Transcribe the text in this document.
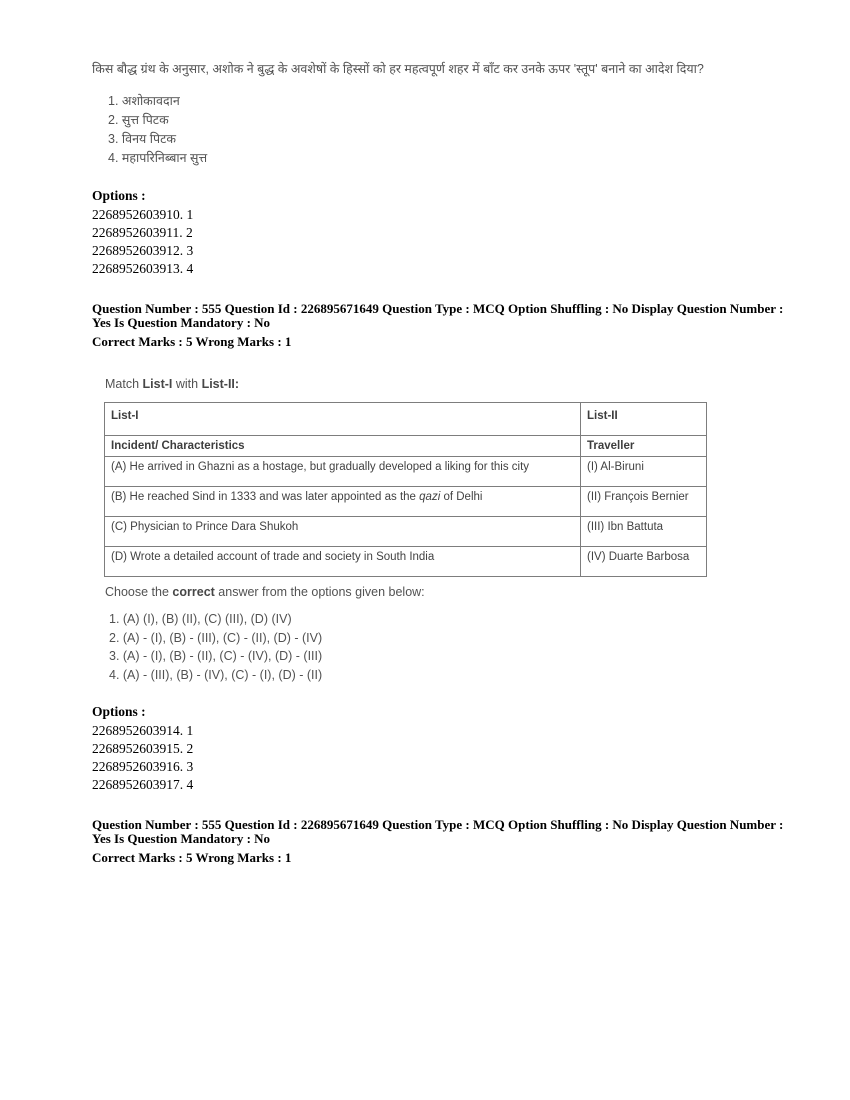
किस बौद्ध ग्रंथ के अनुसार, अशोक ने बुद्ध के अवशेषों के हिस्सों को हर महत्वपूर्ण शहर में बाँट कर उनके ऊपर 'स्तूप' बनाने का आदेश दिया?
1. अशोकावदान
2. सुत्त पिटक
3. विनय पिटक
4. महापरिनिब्बान सुत्त
Options :
2268952603910. 1
2268952603911. 2
2268952603912. 3
2268952603913. 4
Question Number : 555 Question Id : 226895671649 Question Type : MCQ Option Shuffling : No Display Question Number : Yes Is Question Mandatory : No
Correct Marks : 5 Wrong Marks : 1
Match List-I with List-II:
List-I	List-II
Incident/ Characteristics	Traveller
(A) He arrived in Ghazni as a hostage, but gradually developed a liking for this city	(I) Al-Biruni
(B) He reached Sind in 1333 and was later appointed as the qazi of Delhi	(II) François Bernier
(C) Physician to Prince Dara Shukoh	(III) Ibn Battuta
(D) Wrote a detailed account of trade and society in South India	(IV) Duarte Barbosa
Choose the correct answer from the options given below:
1. (A) (I), (B) (II), (C) (III), (D) (IV)
2. (A) - (I), (B) - (III), (C) - (II), (D) - (IV)
3. (A) - (I), (B) - (II), (C) - (IV), (D) - (III)
4. (A) - (III), (B) - (IV), (C) - (I), (D) - (II)
Options :
2268952603914. 1
2268952603915. 2
2268952603916. 3
2268952603917. 4
Question Number : 555 Question Id : 226895671649 Question Type : MCQ Option Shuffling : No Display Question Number : Yes Is Question Mandatory : No
Correct Marks : 5 Wrong Marks : 1
